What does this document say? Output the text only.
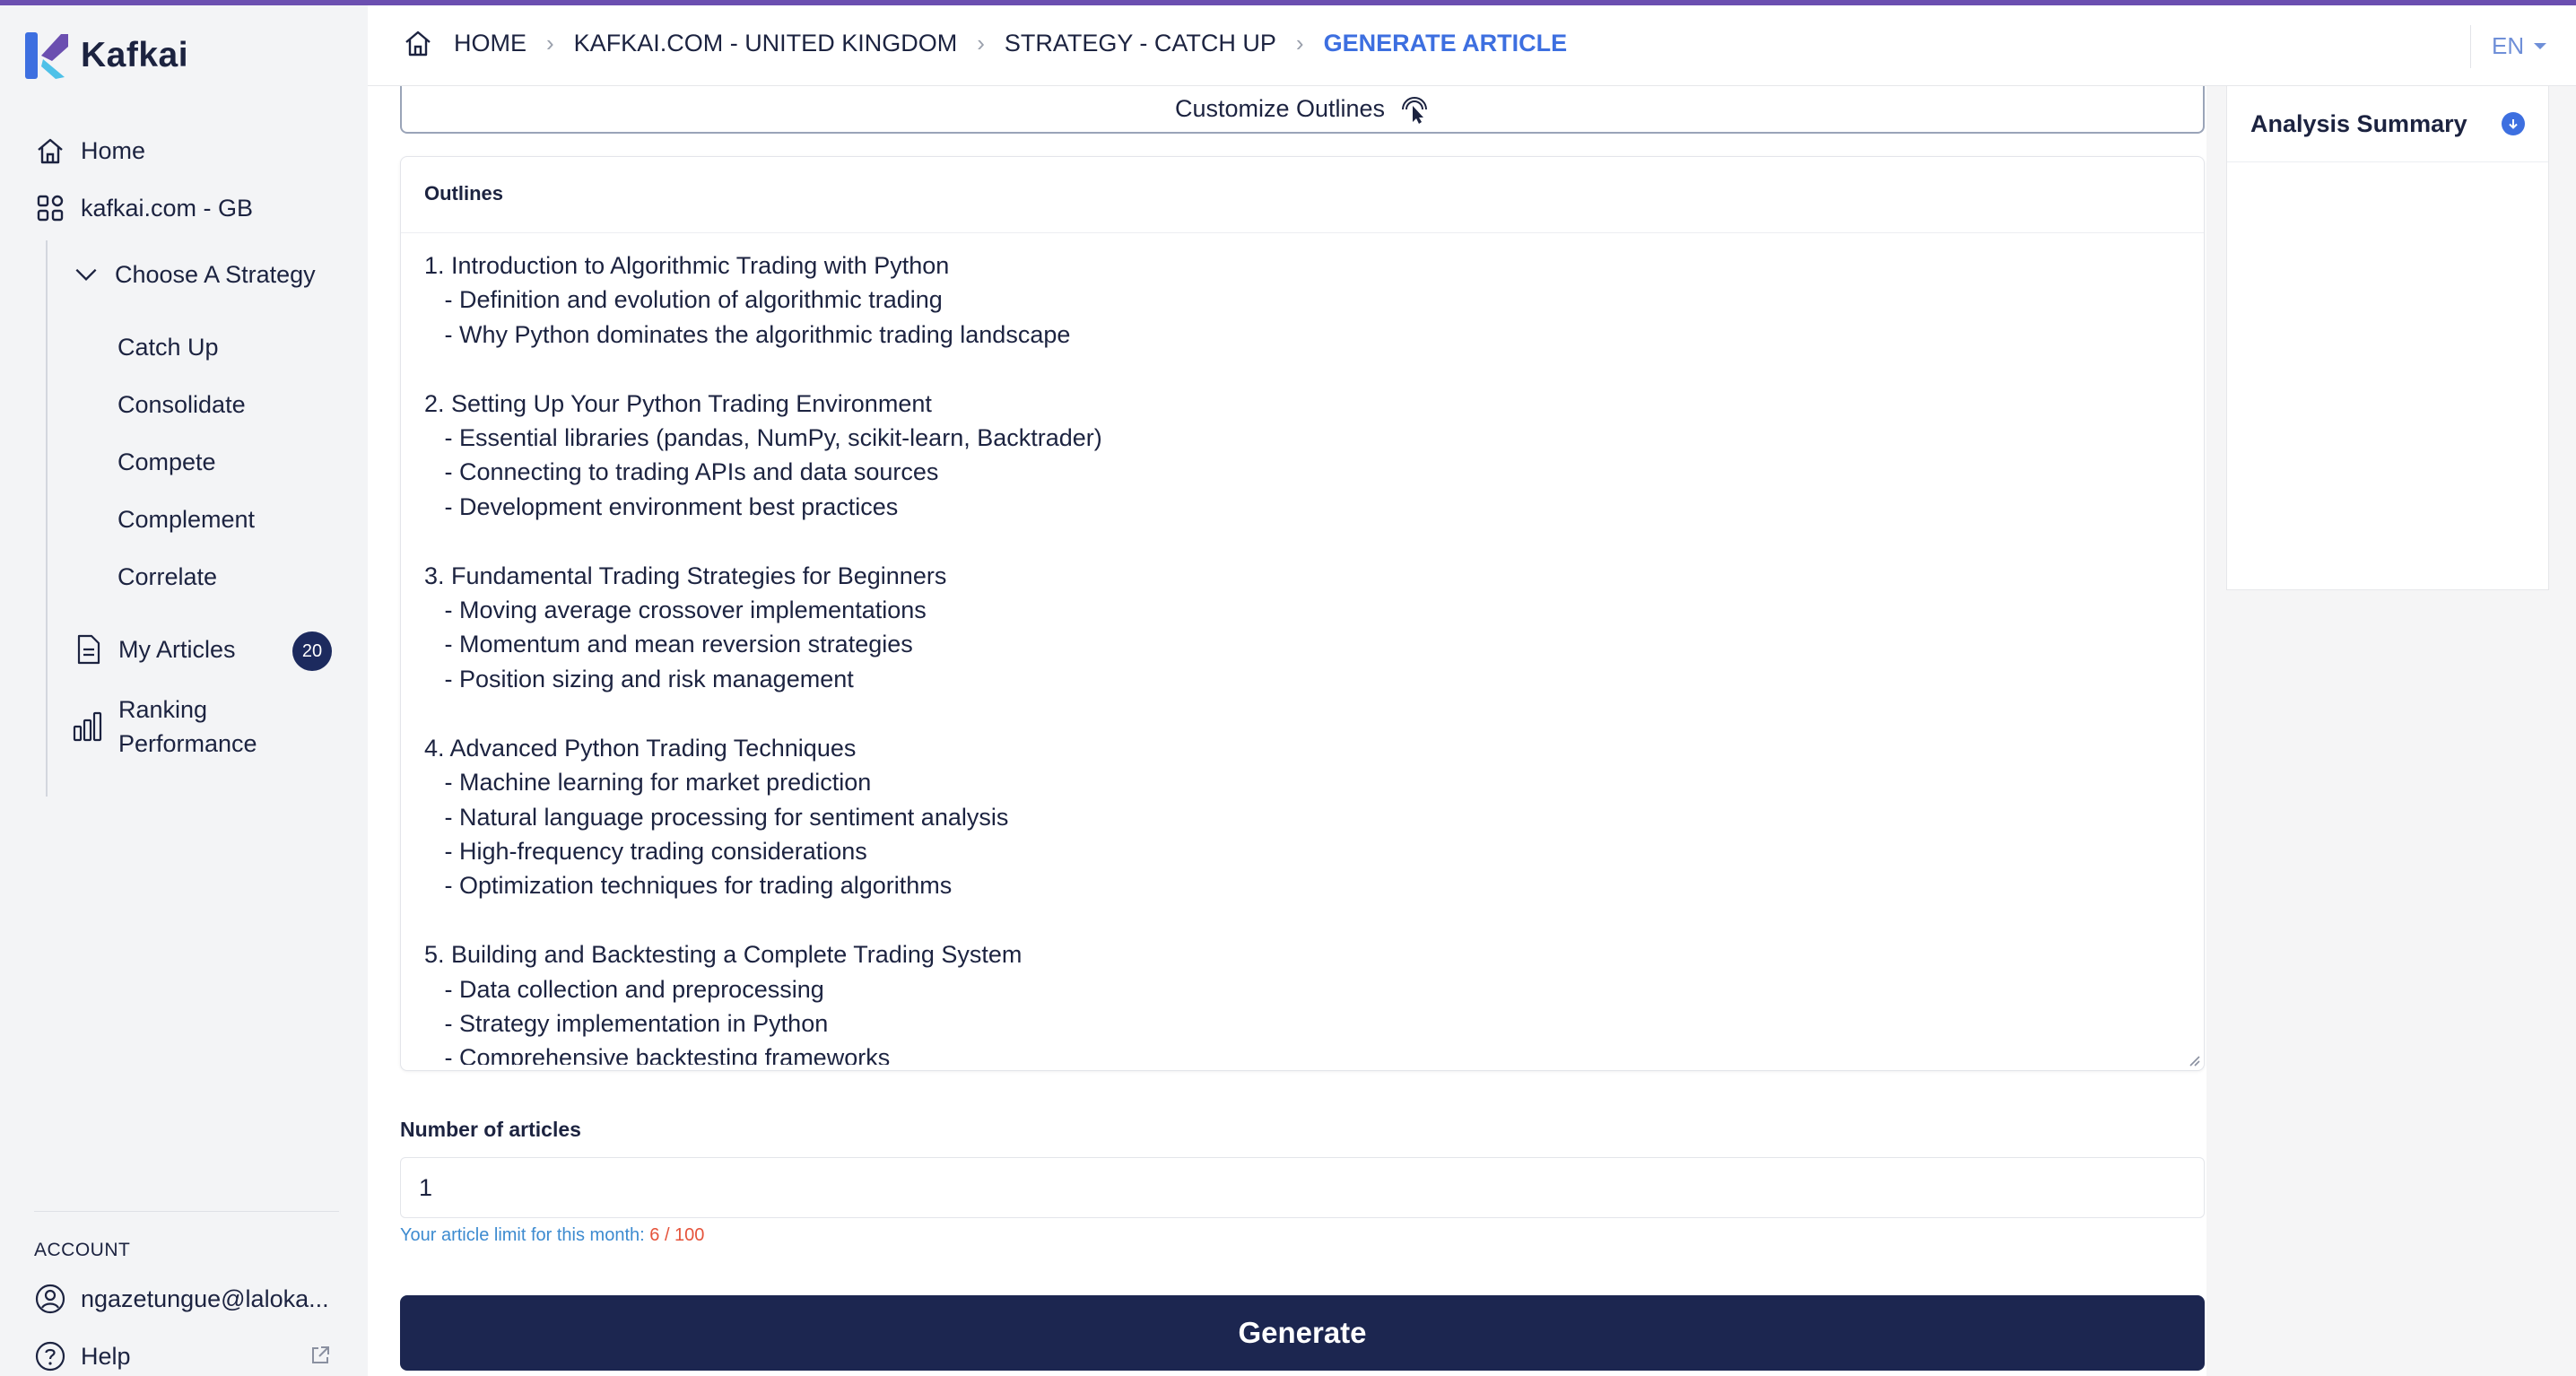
Kafkai
Home
kafkai.com - GB
Choose A Strategy
Catch Up
Consolidate
Compete
Complement
Correlate
My Articles	20
Ranking
Performance
ACCOUNT
ngazetungue@laloka...
Help
HOME › KAFKAI.COM - UNITED KINGDOM › STRATEGY - CATCH UP › GENERATE ARTICLE	EN
Customize Outlines
Outlines
1. Introduction to Algorithmic Trading with Python - Definition and evolution of algorithmic trading - Why Python dominates the algorithmic trading landscape 2. Setting Up Your Python Trading Environment - Essential libraries (pandas, NumPy, scikit-learn, Backtrader) - Connecting to trading APIs and data sources - Development environment best practices 3. Fundamental Trading Strategies for Beginners - Moving average crossover implementations - Momentum and mean reversion strategies - Position sizing and risk management 4. Advanced Python Trading Techniques - Machine learning for market prediction - Natural language processing for sentiment analysis - High-frequency trading considerations - Optimization techniques for trading algorithms 5. Building and Backtesting a Complete Trading System - Data collection and preprocessing - Strategy implementation in Python - Comprehensive backtesting frameworks
Number of articles
1
Your article limit for this month: 6 / 100
Generate
Analysis Summary
